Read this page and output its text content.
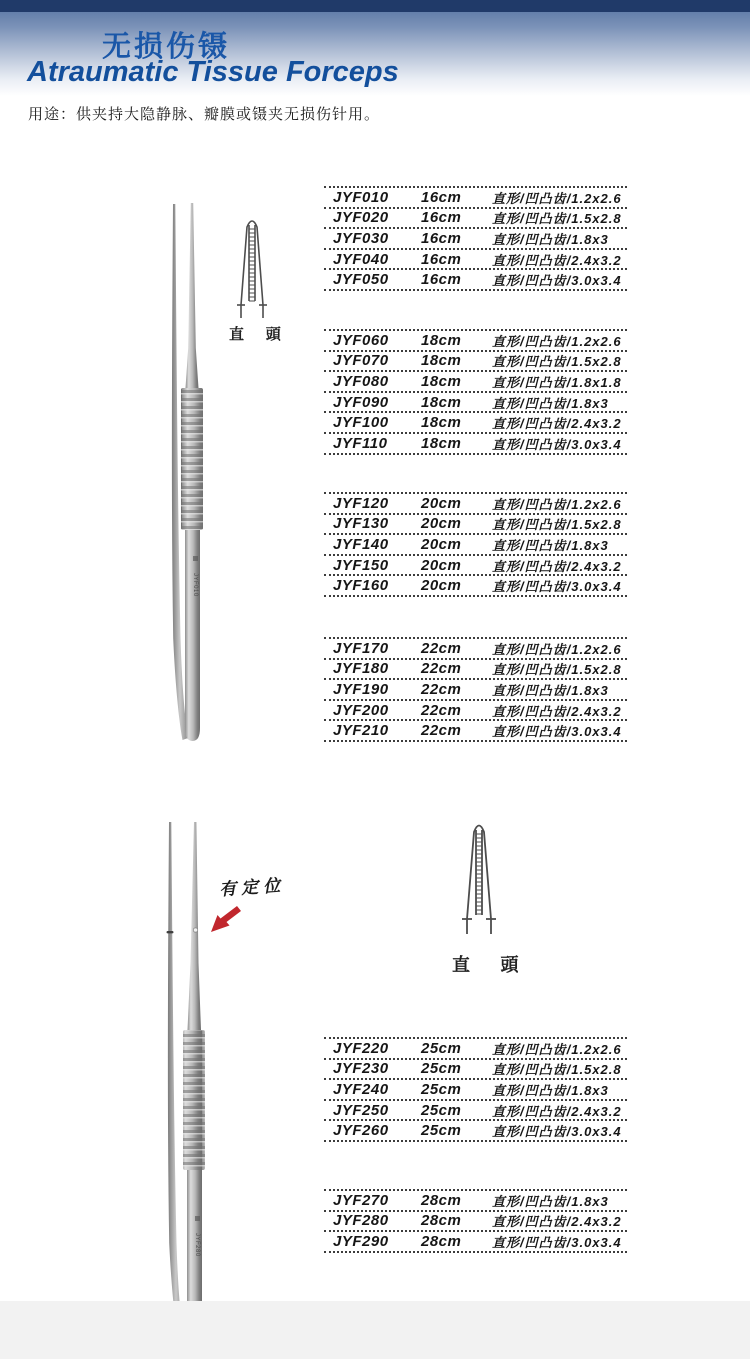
无损伤镊
Atraumatic Tissue Forceps
用途：供夹持大隐静脉、瓣膜或镊夹无损伤针用。
JYF010
直 頭
JYF010	16cm	直形/凹凸齿/1.2x2.6
JYF020	16cm	直形/凹凸齿/1.5x2.8
JYF030	16cm	直形/凹凸齿/1.8x3
JYF040	16cm	直形/凹凸齿/2.4x3.2
JYF050	16cm	直形/凹凸齿/3.0x3.4
JYF060	18cm	直形/凹凸齿/1.2x2.6
JYF070	18cm	直形/凹凸齿/1.5x2.8
JYF080	18cm	直形/凹凸齿/1.8x1.8
JYF090	18cm	直形/凹凸齿/1.8x3
JYF100	18cm	直形/凹凸齿/2.4x3.2
JYF110	18cm	直形/凹凸齿/3.0x3.4
JYF120	20cm	直形/凹凸齿/1.2x2.6
JYF130	20cm	直形/凹凸齿/1.5x2.8
JYF140	20cm	直形/凹凸齿/1.8x3
JYF150	20cm	直形/凹凸齿/2.4x3.2
JYF160	20cm	直形/凹凸齿/3.0x3.4
JYF170	22cm	直形/凹凸齿/1.2x2.6
JYF180	22cm	直形/凹凸齿/1.5x2.8
JYF190	22cm	直形/凹凸齿/1.8x3
JYF200	22cm	直形/凹凸齿/2.4x3.2
JYF210	22cm	直形/凹凸齿/3.0x3.4
JYF280
有定位
直 頭
JYF220	25cm	直形/凹凸齿/1.2x2.6
JYF230	25cm	直形/凹凸齿/1.5x2.8
JYF240	25cm	直形/凹凸齿/1.8x3
JYF250	25cm	直形/凹凸齿/2.4x3.2
JYF260	25cm	直形/凹凸齿/3.0x3.4
JYF270	28cm	直形/凹凸齿/1.8x3
JYF280	28cm	直形/凹凸齿/2.4x3.2
JYF290	28cm	直形/凹凸齿/3.0x3.4
